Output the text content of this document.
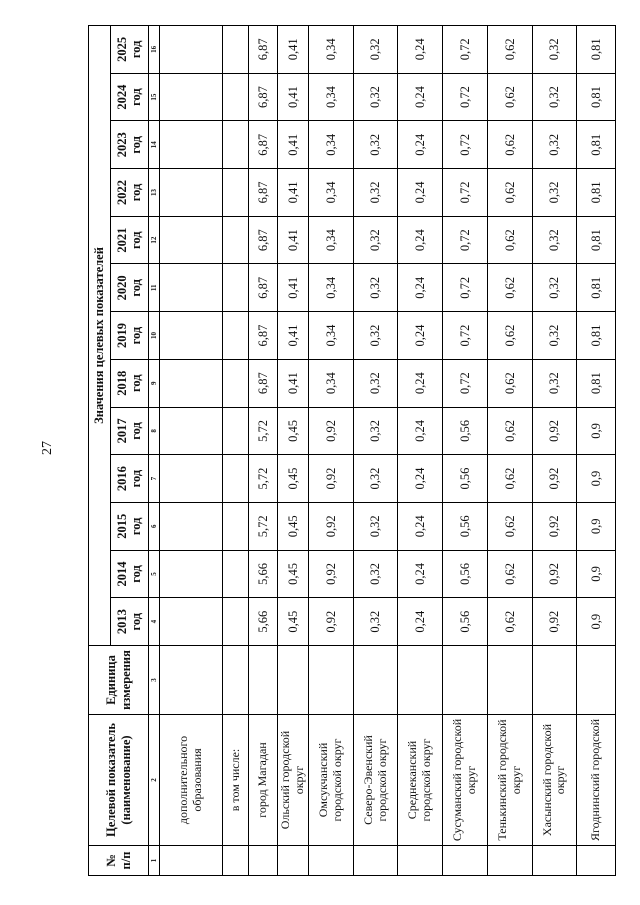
27
№ п/п	Целевой показатель (наименование)	Единица измерения	Значения целевых показателей												
			2013 год	2014 год	2015 год	2016 год	2017 год	2018 год	2019 год	2020 год	2021 год	2022 год	2023 год	2024 год	2025 год
1	2	3	4	5	6	7	8	9	10	11	12	13	14	15	16
	дополнительного образования														
	в том числе:														
	город Магадан		5,66	5,66	5,72	5,72	5,72	6,87	6,87	6,87	6,87	6,87	6,87	6,87	6,87
	Ольский городской округ		0,45	0,45	0,45	0,45	0,45	0,41	0,41	0,41	0,41	0,41	0,41	0,41	0,41
	Омсукчанский городской округ		0,92	0,92	0,92	0,92	0,92	0,34	0,34	0,34	0,34	0,34	0,34	0,34	0,34
	Северо-Эвенский городской округ		0,32	0,32	0,32	0,32	0,32	0,32	0,32	0,32	0,32	0,32	0,32	0,32	0,32
	Среднеканский городской округ		0,24	0,24	0,24	0,24	0,24	0,24	0,24	0,24	0,24	0,24	0,24	0,24	0,24
	Сусуманский городской округ		0,56	0,56	0,56	0,56	0,56	0,72	0,72	0,72	0,72	0,72	0,72	0,72	0,72
	Тенькинский городской округ		0,62	0,62	0,62	0,62	0,62	0,62	0,62	0,62	0,62	0,62	0,62	0,62	0,62
	Хасынский городской округ		0,92	0,92	0,92	0,92	0,92	0,32	0,32	0,32	0,32	0,32	0,32	0,32	0,32
	Ягоднинский городской		0,9	0,9	0,9	0,9	0,9	0,81	0,81	0,81	0,81	0,81	0,81	0,81	0,81
